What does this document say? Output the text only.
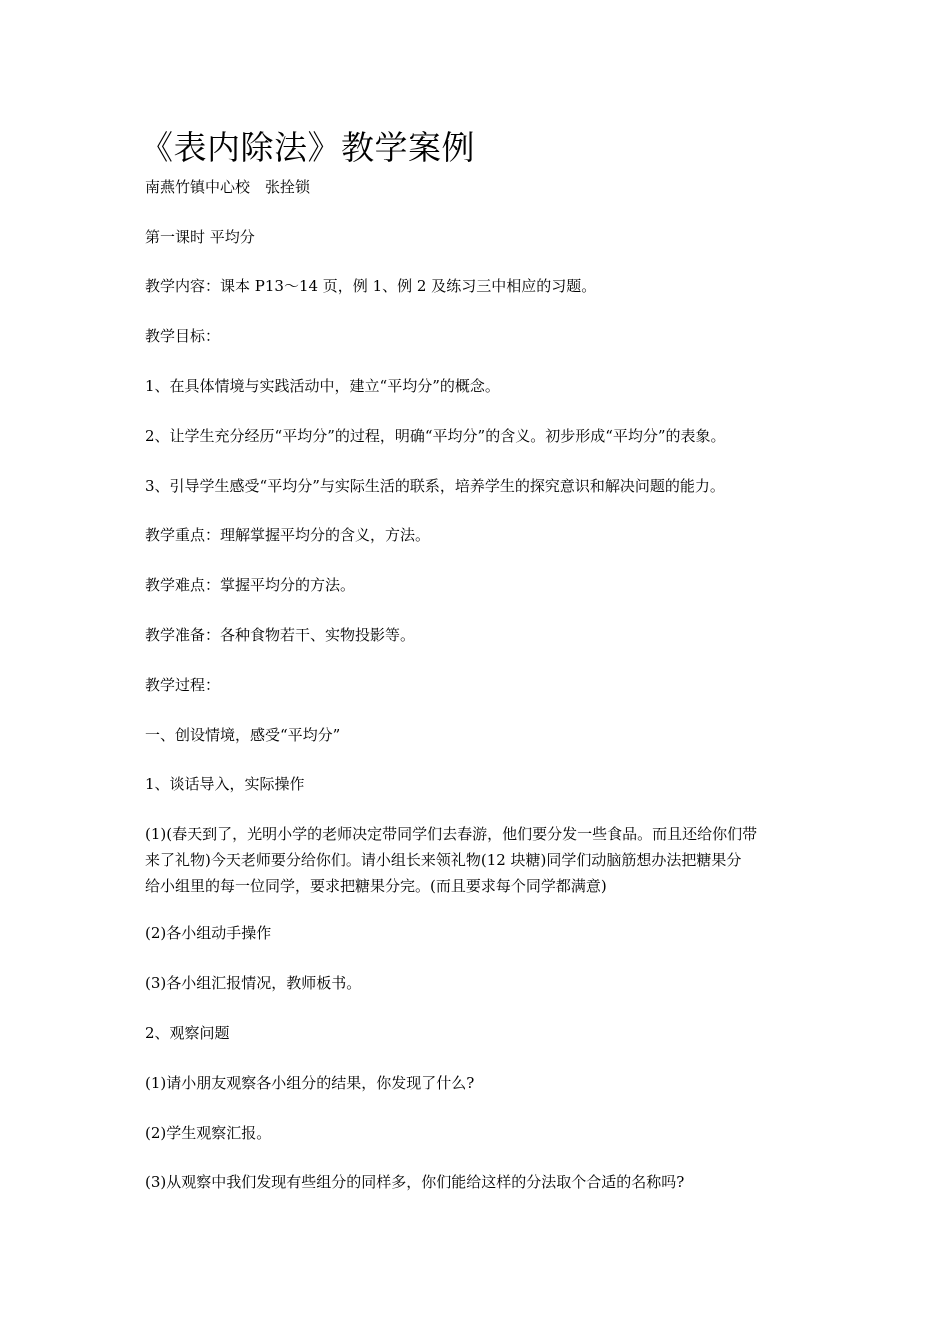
《表内除法》教学案例
南燕竹镇中心校　张拴锁
第一课时 平均分
教学内容：课本 P13～14 页，例 1、例 2 及练习三中相应的习题。
教学目标：
1、在具体情境与实践活动中，建立“平均分”的概念。
2、让学生充分经历“平均分”的过程，明确“平均分”的含义。初步形成“平均分”的表象。
3、引导学生感受“平均分”与实际生活的联系，培养学生的探究意识和解决问题的能力。
教学重点：理解掌握平均分的含义，方法。
教学难点：掌握平均分的方法。
教学准备：各种食物若干、实物投影等。
教学过程：
一、创设情境，感受“平均分”
1、谈话导入，实际操作
(1)(春天到了，光明小学的老师决定带同学们去春游，他们要分发一些食品。而且还给你们带
来了礼物)今天老师要分给你们。请小组长来领礼物(12 块糖)同学们动脑筋想办法把糖果分
给小组里的每一位同学，要求把糖果分完。(而且要求每个同学都满意)
(2)各小组动手操作
(3)各小组汇报情况，教师板书。
2、观察问题
(1)请小朋友观察各小组分的结果，你发现了什么?
(2)学生观察汇报。
(3)从观察中我们发现有些组分的同样多，你们能给这样的分法取个合适的名称吗?
